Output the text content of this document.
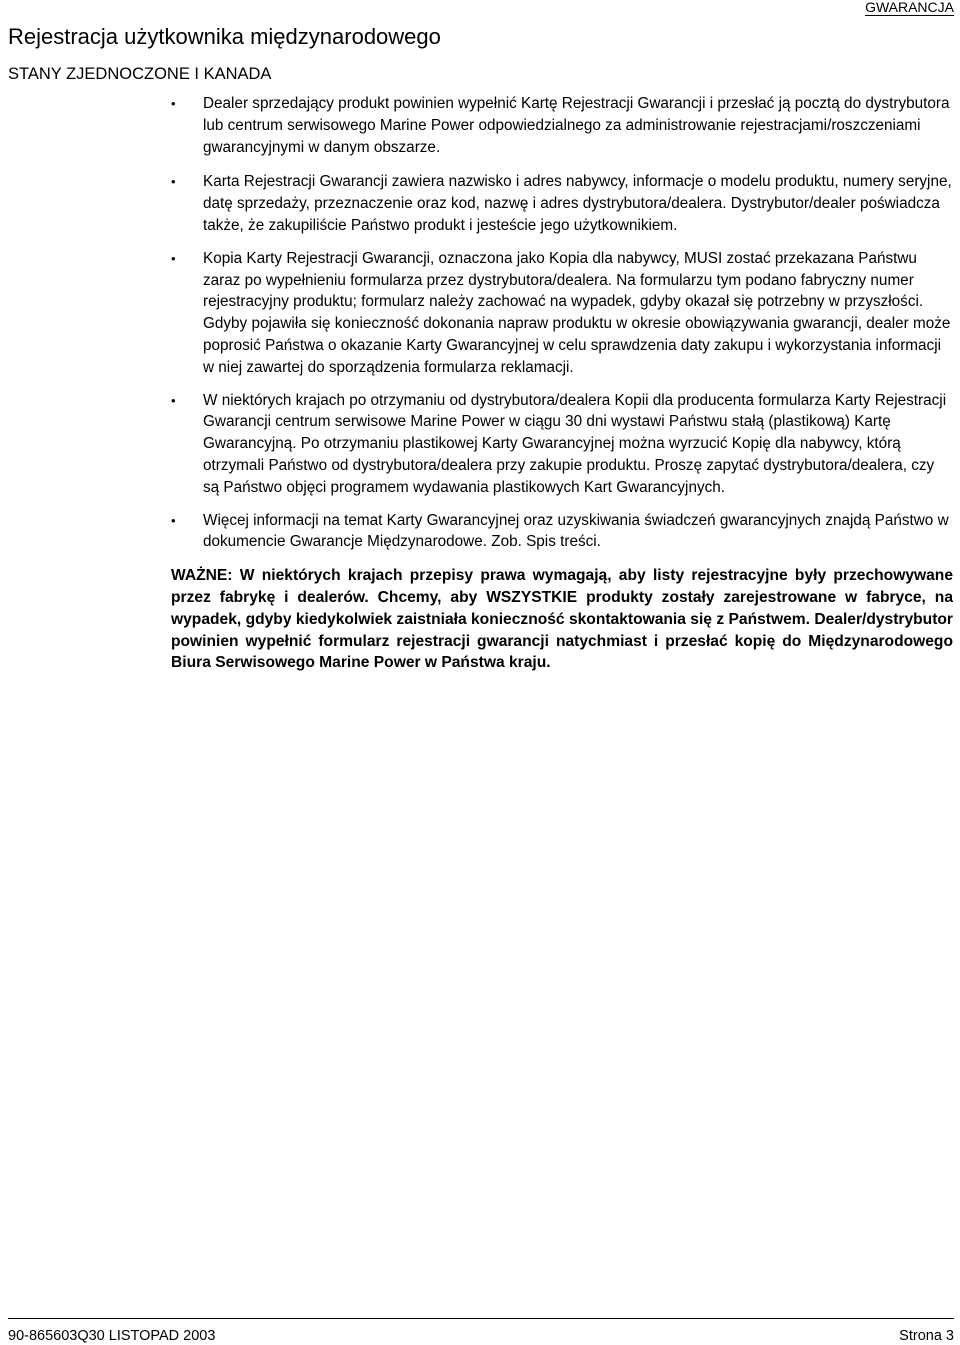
GWARANCJA
Rejestracja użytkownika międzynarodowego
STANY ZJEDNOCZONE I KANADA
• Dealer sprzedający produkt powinien wypełnić Kartę Rejestracji Gwarancji i przesłać ją pocztą do dystrybutora lub centrum serwisowego Marine Power odpowiedzialnego za administrowanie rejestracjami/roszczeniami gwarancyjnymi w danym obszarze.
• Karta Rejestracji Gwarancji zawiera nazwisko i adres nabywcy, informacje o modelu produktu, numery seryjne, datę sprzedaży, przeznaczenie oraz kod, nazwę i adres dystrybutora/dealera. Dystrybutor/dealer poświadcza także, że zakupiliście Państwo produkt i jesteście jego użytkownikiem.
• Kopia Karty Rejestracji Gwarancji, oznaczona jako Kopia dla nabywcy, MUSI zostać przekazana Państwu zaraz po wypełnieniu formularza przez dystrybutora/dealera. Na formularzu tym podano fabryczny numer rejestracyjny produktu; formularz należy zachować na wypadek, gdyby okazał się potrzebny w przyszłości. Gdyby pojawiła się konieczność dokonania napraw produktu w okresie obowiązywania gwarancji, dealer może poprosić Państwa o okazanie Karty Gwarancyjnej w celu sprawdzenia daty zakupu i wykorzystania informacji w niej zawartej do sporządzenia formularza reklamacji.
• W niektórych krajach po otrzymaniu od dystrybutora/dealera Kopii dla producenta formularza Karty Rejestracji Gwarancji centrum serwisowe Marine Power w ciągu 30 dni wystawi Państwu stałą (plastikową) Kartę Gwarancyjną. Po otrzymaniu plastikowej Karty Gwarancyjnej można wyrzucić Kopię dla nabywcy, którą otrzymali Państwo od dystrybutora/dealera przy zakupie produktu. Proszę zapytać dystrybutora/dealera, czy są Państwo objęci programem wydawania plastikowych Kart Gwarancyjnych.
• Więcej informacji na temat Karty Gwarancyjnej oraz uzyskiwania świadczeń gwarancyjnych znajdą Państwo w dokumencie Gwarancje Międzynarodowe. Zob. Spis treści.

WAŻNE: W niektórych krajach przepisy prawa wymagają, aby listy rejestracyjne były przechowywane przez fabrykę i dealerów. Chcemy, aby WSZYSTKIE produkty zostały zarejestrowane w fabryce, na wypadek, gdyby kiedykolwiek zaistniała konieczność skontaktowania się z Państwem. Dealer/dystrybutor powinien wypełnić formularz rejestracji gwarancji natychmiast i przesłać kopię do Międzynarodowego Biura Serwisowego Marine Power w Państwa kraju.

90-865603Q30 LISTOPAD 2003	Strona 3
